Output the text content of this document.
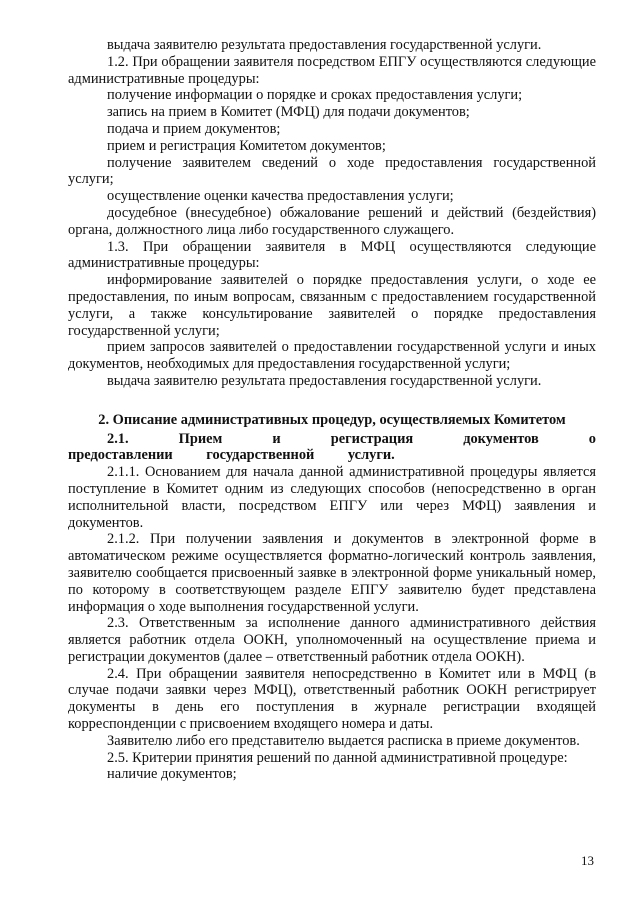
выдача заявителю результата предоставления государственной услуги.

1.2. При обращении заявителя посредством ЕПГУ осуществляются следующие административные процедуры:

получение информации о порядке и сроках предоставления услуги;

запись на прием в Комитет (МФЦ) для подачи документов;

подача и прием документов;

прием и регистрация Комитетом документов;

получение заявителем сведений о ходе предоставления государственной услуги;

осуществление оценки качества предоставления услуги;

досудебное (внесудебное) обжалование решений и действий (бездействия) органа, должностного лица либо государственного служащего.

1.3. При обращении заявителя в МФЦ осуществляются следующие административные процедуры:

информирование заявителей о порядке предоставления услуги, о ходе ее предоставления, по иным вопросам, связанным с предоставлением государственной услуги, а также консультирование заявителей о порядке предоставления государственной услуги;

прием запросов заявителей о предоставлении государственной услуги и иных документов, необходимых для предоставления государственной услуги;

выдача заявителю результата предоставления государственной услуги.

2. Описание административных процедур, осуществляемых Комитетом

2.1. Прием и регистрация документов о предоставлении государственной услуги.

2.1.1. Основанием для начала данной административной процедуры является поступление в Комитет одним из следующих способов (непосредственно в орган исполнительной власти, посредством ЕПГУ или через МФЦ) заявления и документов.

2.1.2. При получении заявления и документов в электронной форме в автоматическом режиме осуществляется форматно-логический контроль заявления, заявителю сообщается присвоенный заявке в электронной форме уникальный номер, по которому в соответствующем разделе ЕПГУ заявителю будет представлена информация о ходе выполнения государственной услуги.

2.3. Ответственным за исполнение данного административного действия является работник отдела ООКН, уполномоченный на осуществление приема и регистрации документов (далее – ответственный работник отдела ООКН).

2.4. При обращении заявителя непосредственно в Комитет или в МФЦ (в случае подачи заявки через МФЦ), ответственный работник ООКН регистрирует документы в день его поступления в журнале регистрации входящей корреспонденции с присвоением входящего номера и даты.

Заявителю либо его представителю выдается расписка в приеме документов.

2.5. Критерии принятия решений по данной административной процедуре:

наличие документов;

13
